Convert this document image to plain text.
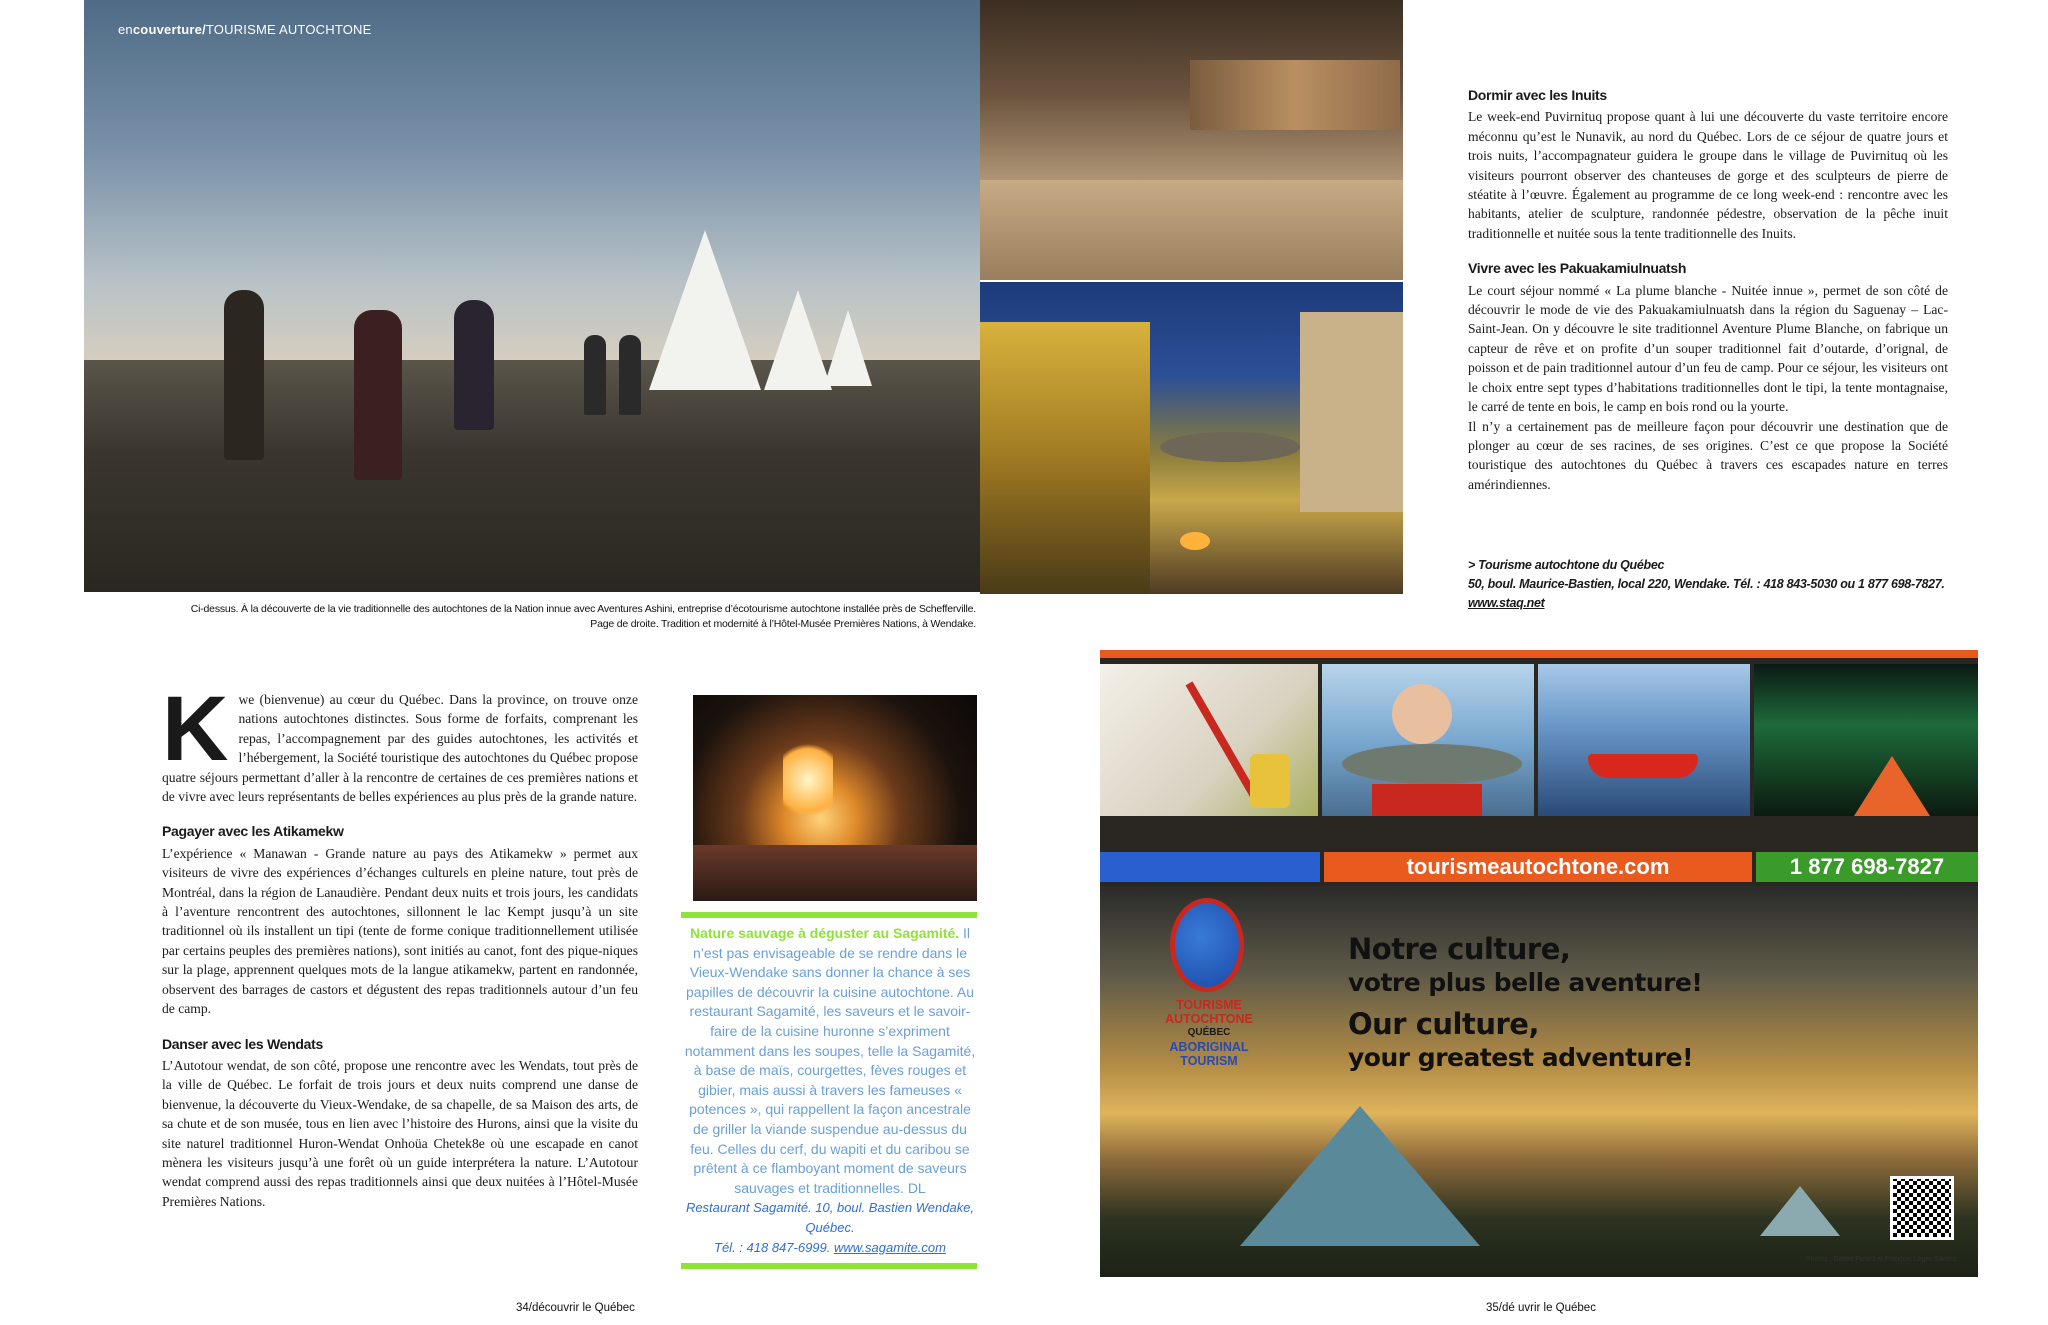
encouverture/TOURISME AUTOCHTONE
Ci-dessus. À la découverte de la vie traditionnelle des autochtones de la Nation innue avec Aventures Ashini, entreprise d’écotourisme autochtone installée près de Schefferville.
Page de droite. Tradition et modernité à l’Hôtel-Musée Premières Nations, à Wendake.

Kwe (bienvenue) au cœur du Québec. Dans la province, on trouve onze nations autochtones distinctes. Sous forme de forfaits, comprenant les repas, l’accompagnement par des guides autochtones, les activités et l’hébergement, la Société touristique des autochtones du Québec propose quatre séjours permettant d’aller à la rencontre de certaines de ces premières nations et de vivre avec leurs représentants de belles expériences au plus près de la grande nature.

Pagayer avec les Atikamekw

L’expérience « Manawan - Grande nature au pays des Atikamekw » permet aux visiteurs de vivre des expériences d’échanges culturels en pleine nature, tout près de Montréal, dans la région de Lanaudière. Pendant deux nuits et trois jours, les candidats à l’aventure rencontrent des autochtones, sillonnent le lac Kempt jusqu’à un site traditionnel où ils installent un tipi (tente de forme conique traditionnellement utilisée par certains peuples des premières nations), sont initiés au canot, font des pique-niques sur la plage, apprennent quelques mots de la langue atikamekw, partent en randonnée, observent des barrages de castors et dégustent des repas traditionnels autour d’un feu de camp.

Danser avec les Wendats

L’Autotour wendat, de son côté, propose une rencontre avec les Wendats, tout près de la ville de Québec. Le forfait de trois jours et deux nuits comprend une danse de bienvenue, la découverte du Vieux-Wendake, de sa chapelle, de sa Maison des arts, de sa chute et de son musée, tous en lien avec l’histoire des Hurons, ainsi que la visite du site naturel traditionnel Huron-Wendat Onhoüa Chetek8e où une escapade en canot mènera les visiteurs jusqu’à une forêt où un guide interprétera la nature. L’Autotour wendat comprend aussi des repas traditionnels ainsi que deux nuitées à l’Hôtel-Musée Premières Nations.

Nature sauvage à déguster au Sagamité. Il n’est pas envisageable de se rendre dans le Vieux-Wendake sans donner la chance à ses papilles de découvrir la cuisine autochtone. Au restaurant Sagamité, les saveurs et le savoir-faire de la cuisine huronne s’expriment notamment dans les soupes, telle la Sagamité, à base de maïs, courgettes, fèves rouges et gibier, mais aussi à travers les fameuses « potences », qui rappellent la façon ancestrale de griller la viande suspendue au-dessus du feu. Celles du cerf, du wapiti et du caribou se prêtent à ce flamboyant moment de saveurs sauvages et traditionnelles. DL
Restaurant Sagamité. 10, boul. Bastien Wendake, Québec.
Tél. : 418 847-6999. www.sagamite.com
Dormir avec les Inuits

Le week-end Puvirnituq propose quant à lui une découverte du vaste territoire encore méconnu qu’est le Nunavik, au nord du Québec. Lors de ce séjour de quatre jours et trois nuits, l’accompagnateur guidera le groupe dans le village de Puvirnituq où les visiteurs pourront observer des chanteuses de gorge et des sculpteurs de pierre de stéatite à l’œuvre. Également au programme de ce long week-end : rencontre avec les habitants, atelier de sculpture, randonnée pédestre, observation de la pêche inuit traditionnelle et nuitée sous la tente traditionnelle des Inuits.

Vivre avec les Pakuakamiulnuatsh

Le court séjour nommé « La plume blanche - Nuitée innue », permet de son côté de découvrir le mode de vie des Pakuakamiulnuatsh dans la région du Saguenay – Lac-Saint-Jean. On y découvre le site traditionnel Aventure Plume Blanche, on fabrique un capteur de rêve et on profite d’un souper traditionnel fait d’outarde, d’orignal, de poisson et de pain traditionnel autour d’un feu de camp. Pour ce séjour, les visiteurs ont le choix entre sept types d’habitations traditionnelles dont le tipi, la tente montagnaise, le carré de tente en bois, le camp en bois rond ou la yourte.

Il n’y a certainement pas de meilleure façon pour découvrir une destination que de plonger au cœur de ses racines, de ses origines. C’est ce que propose la Société touristique des autochtones du Québec à travers ces escapades nature en terres amérindiennes.

> Tourisme autochtone du Québec
50, boul. Maurice-Bastien, local 220, Wendake. Tél. : 418 843-5030 ou 1 877 698-7827. www.staq.net
tourismeautochtone.com	1 877 698-7827
TOURISME
AUTOCHTONE
QUÉBEC
ABORIGINAL
TOURISM
Notre culture,
votre plus belle aventure!
Our culture,
your greatest adventure!
Photos : Daniel Picard et François Léger-Savard
34/découvrir le Québec	35/dé uvrir le Québec
